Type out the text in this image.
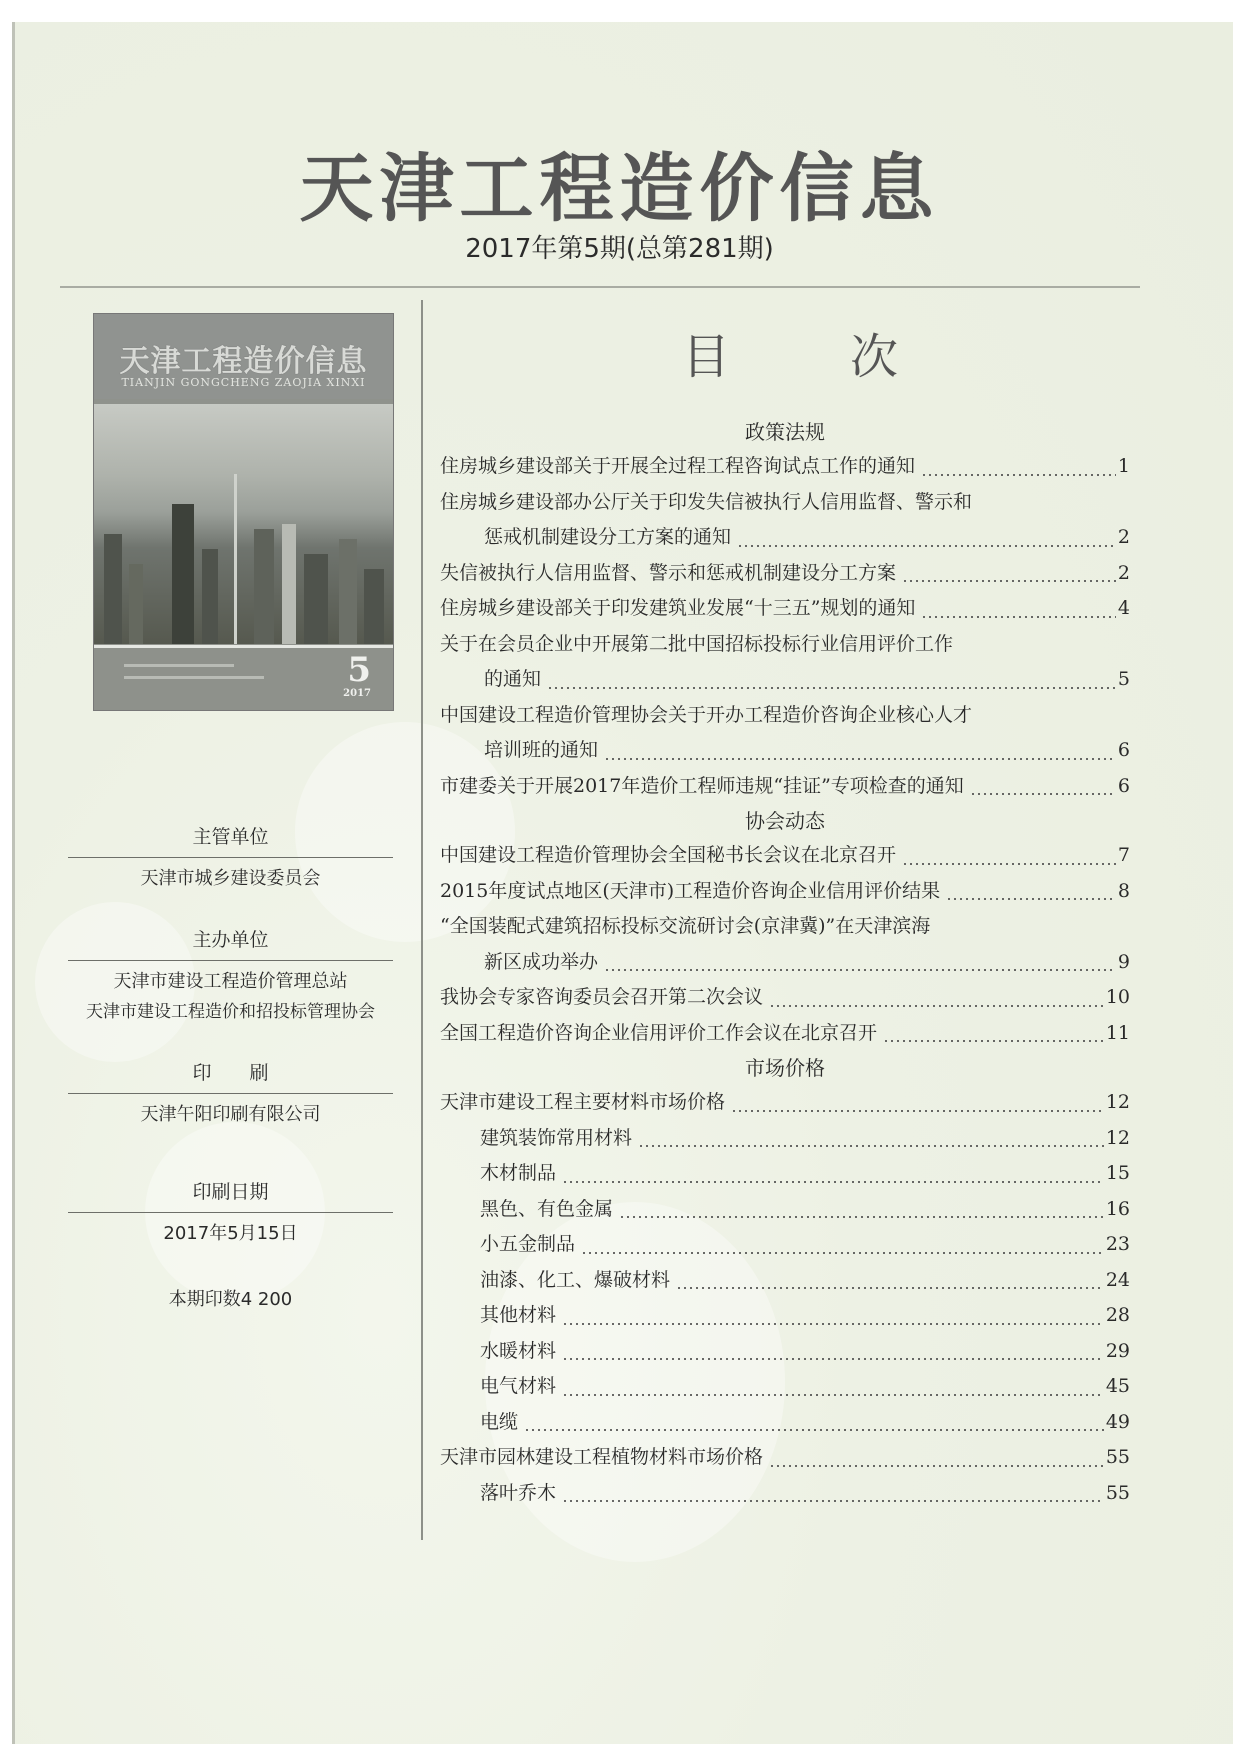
天津工程造价信息
2017年第5期(总第281期)
天津工程造价信息
TIANJIN GONGCHENG ZAOJIA XINXI
5
2017
主管单位
天津市城乡建设委员会
主办单位
天津市建设工程造价管理总站
天津市建设工程造价和招投标管理协会
印　　刷
天津午阳印刷有限公司
印刷日期
2017年5月15日
本期印数4 200
目次
政策法规
住房城乡建设部关于开展全过程工程咨询试点工作的通知	1
住房城乡建设部办公厅关于印发失信被执行人信用监督、警示和
惩戒机制建设分工方案的通知	2
失信被执行人信用监督、警示和惩戒机制建设分工方案	2
住房城乡建设部关于印发建筑业发展“十三五”规划的通知	4
关于在会员企业中开展第二批中国招标投标行业信用评价工作
的通知	5
中国建设工程造价管理协会关于开办工程造价咨询企业核心人才
培训班的通知	6
市建委关于开展2017年造价工程师违规“挂证”专项检查的通知	6
协会动态
中国建设工程造价管理协会全国秘书长会议在北京召开	7
2015年度试点地区(天津市)工程造价咨询企业信用评价结果	8
“全国装配式建筑招标投标交流研讨会(京津冀)”在天津滨海
新区成功举办	9
我协会专家咨询委员会召开第二次会议	10
全国工程造价咨询企业信用评价工作会议在北京召开	11
市场价格
天津市建设工程主要材料市场价格	12
建筑装饰常用材料	12
木材制品	15
黑色、有色金属	16
小五金制品	23
油漆、化工、爆破材料	24
其他材料	28
水暖材料	29
电气材料	45
电缆	49
天津市园林建设工程植物材料市场价格	55
落叶乔木	55
